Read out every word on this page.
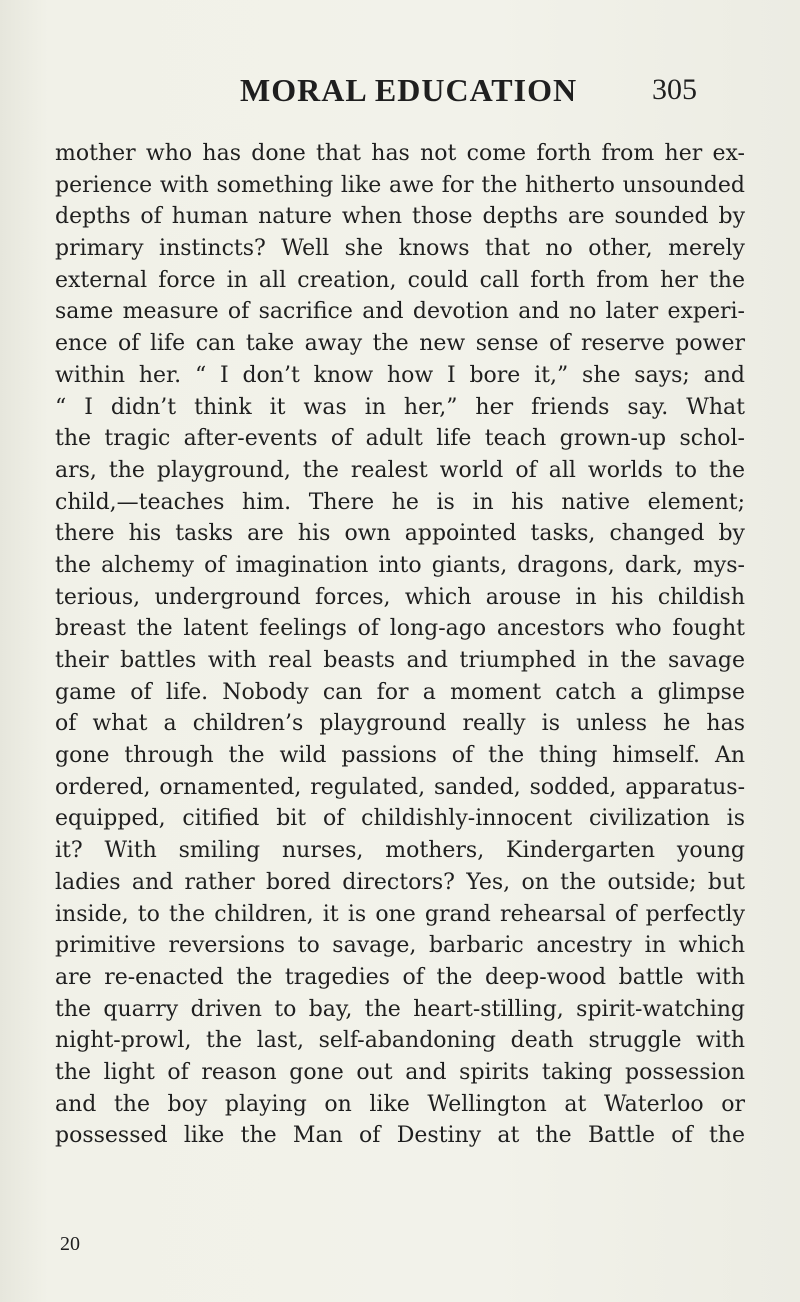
MORAL EDUCATION 305
mother who has done that has not come forth from her ex-
perience with something like awe for the hitherto unsounded
depths of human nature when those depths are sounded by
primary instincts? Well she knows that no other, merely
external force in all creation, could call forth from her the
same measure of sacrifice and devotion and no later experi-
ence of life can take away the new sense of reserve power
within her. “ I don’t know how I bore it,” she says; and
“ I didn’t think it was in her,” her friends say. What
the tragic after-events of adult life teach grown-up schol-
ars, the playground, the realest world of all worlds to the
child,—teaches him. There he is in his native element;
there his tasks are his own appointed tasks, changed by
the alchemy of imagination into giants, dragons, dark, mys-
terious, underground forces, which arouse in his childish
breast the latent feelings of long-ago ancestors who fought
their battles with real beasts and triumphed in the savage
game of life. Nobody can for a moment catch a glimpse
of what a children’s playground really is unless he has
gone through the wild passions of the thing himself. An
ordered, ornamented, regulated, sanded, sodded, apparatus-
equipped, citified bit of childishly-innocent civilization is
it? With smiling nurses, mothers, Kindergarten young
ladies and rather bored directors? Yes, on the outside; but
inside, to the children, it is one grand rehearsal of perfectly
primitive reversions to savage, barbaric ancestry in which
are re-enacted the tragedies of the deep-wood battle with
the quarry driven to bay, the heart-stilling, spirit-watching
night-prowl, the last, self-abandoning death struggle with
the light of reason gone out and spirits taking possession
and the boy playing on like Wellington at Waterloo or
possessed like the Man of Destiny at the Battle of the
20
